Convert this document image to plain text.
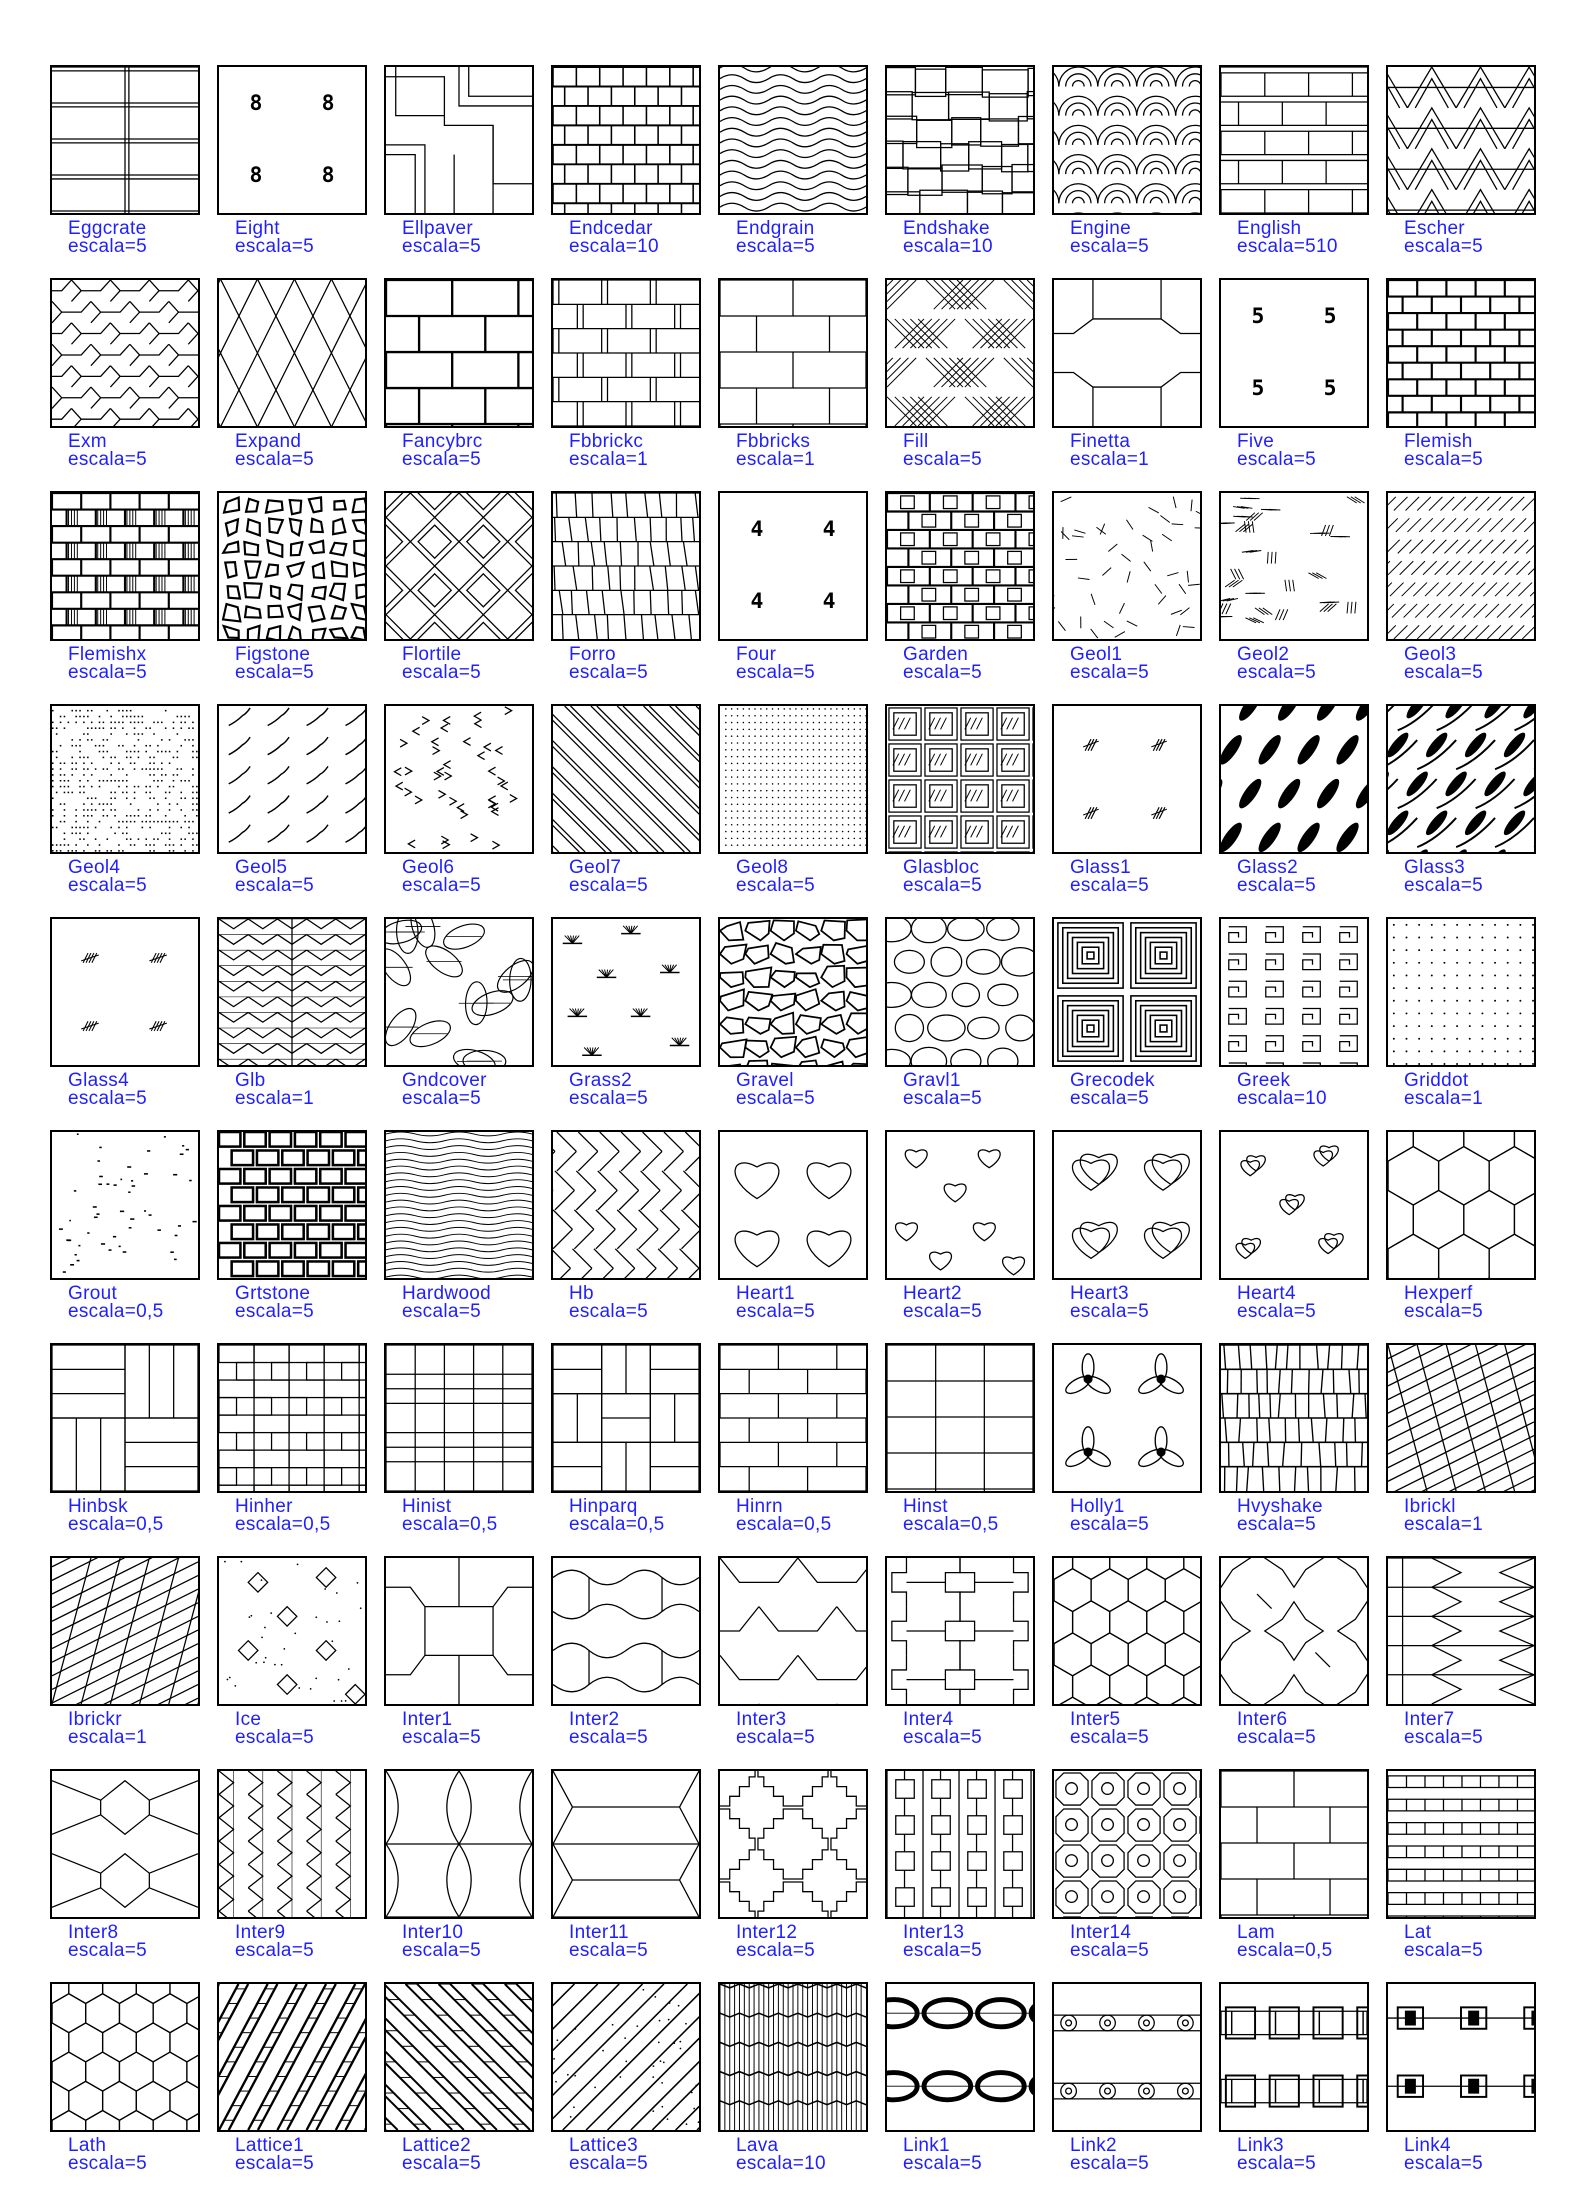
Eggcrate
escala=5
8	8
8	8
Eight
escala=5
Ellpaver
escala=5
Endcedar
escala=10
Endgrain
escala=5
Endshake
escala=10
Engine
escala=5
English
escala=510
Escher
escala=5
Exm
escala=5
Expand
escala=5
Fancybrc
escala=5
Fbbrickc
escala=1
Fbbricks
escala=1
Fill
escala=5
Finetta
escala=1
5	5
5	5
Five
escala=5
Flemish
escala=5
Flemishx
escala=5
Figstone
escala=5
Flortile
escala=5
Forro
escala=5
4	4
4	4
Four
escala=5
Garden
escala=5
Geol1
escala=5
Geol2
escala=5
Geol3
escala=5
Geol4
escala=5
Geol5
escala=5
Geol6
escala=5
Geol7
escala=5
Geol8
escala=5
Glasbloc
escala=5
Glass1
escala=5
Glass2
escala=5
Glass3
escala=5
Glass4
escala=5
Glb
escala=1
Gndcover
escala=5
Grass2
escala=5
Gravel
escala=5
Gravl1
escala=5
Grecodek
escala=5
Greek
escala=10
Griddot
escala=1
Grout
escala=0,5
Grtstone
escala=5
Hardwood
escala=5
Hb
escala=5
Heart1
escala=5
Heart2
escala=5
Heart3
escala=5
Heart4
escala=5
Hexperf
escala=5
Hinbsk
escala=0,5
Hinher
escala=0,5
Hinist
escala=0,5
Hinparq
escala=0,5
Hinrn
escala=0,5
Hinst
escala=0,5
Holly1
escala=5
Hvyshake
escala=5
Ibrickl
escala=1
Ibrickr
escala=1
Ice
escala=5
Inter1
escala=5
Inter2
escala=5
Inter3
escala=5
Inter4
escala=5
Inter5
escala=5
Inter6
escala=5
Inter7
escala=5
Inter8
escala=5
Inter9
escala=5
Inter10
escala=5
Inter11
escala=5
Inter12
escala=5
Inter13
escala=5
Inter14
escala=5
Lam
escala=0,5
Lat
escala=5
Lath
escala=5
Lattice1
escala=5
Lattice2
escala=5
Lattice3
escala=5
Lava
escala=10
Link1
escala=5
Link2
escala=5
Link3
escala=5
Link4
escala=5
